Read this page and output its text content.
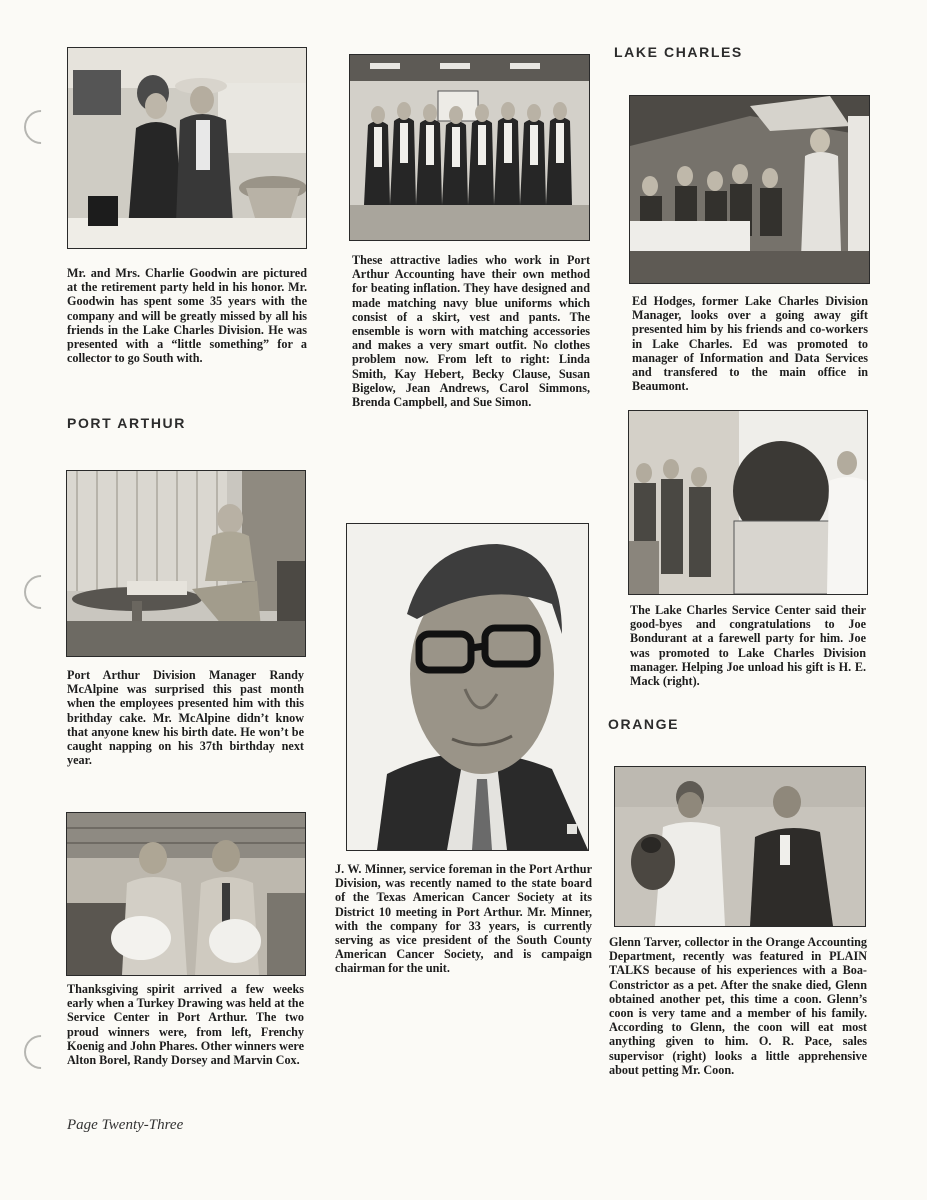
Mr. and Mrs. Charlie Goodwin are pictured at the retirement party held in his honor. Mr. Goodwin has spent some 35 years with the company and will be greatly missed by all his friends in the Lake Charles Division. He was presented with a “little something” for a collector to go South with.

PORT ARTHUR

Port Arthur Division Manager Randy McAlpine was surprised this past month when the employees presented him with this brithday cake. Mr. McAlpine didn’t know that anyone knew his birth date. He won’t be caught napping on his 37th birthday next year.

Thanksgiving spirit arrived a few weeks early when a Turkey Drawing was held at the Service Center in Port Arthur. The two proud winners were, from left, Frenchy Koenig and John Phares. Other winners were Alton Borel, Randy Dorsey and Marvin Cox.

Page Twenty-Three

These attractive ladies who work in Port Arthur Accounting have their own method for beating inflation. They have designed and made matching navy blue uniforms which consist of a skirt, vest and pants. The ensemble is worn with matching accessories and makes a very smart outfit. No clothes problem now. From left to right: Linda Smith, Kay Hebert, Becky Clause, Susan Bigelow, Jean Andrews, Carol Simmons, Brenda Campbell, and Sue Simon.

J. W. Minner, service foreman in the Port Arthur Division, was recently named to the state board of the Texas American Cancer Society at its District 10 meeting in Port Arthur. Mr. Minner, with the company for 33 years, is currently serving as vice president of the South County American Cancer Society, and is campaign chairman for the unit.

LAKE CHARLES

Ed Hodges, former Lake Charles Division Manager, looks over a going away gift presented him by his friends and co-workers in Lake Charles. Ed was promoted to manager of Information and Data Services and transfered to the main office in Beaumont.

The Lake Charles Service Center said their good-byes and congratulations to Joe Bondurant at a farewell party for him. Joe was promoted to Lake Charles Division manager. Helping Joe unload his gift is H. E. Mack (right).

ORANGE

Glenn Tarver, collector in the Orange Accounting Department, recently was featured in PLAIN TALKS because of his experiences with a Boa-Constrictor as a pet. After the snake died, Glenn obtained another pet, this time a coon. Glenn’s coon is very tame and a member of his family. According to Glenn, the coon will eat most anything given to him. O. R. Pace, sales supervisor (right) looks a little apprehensive about petting Mr. Coon.
